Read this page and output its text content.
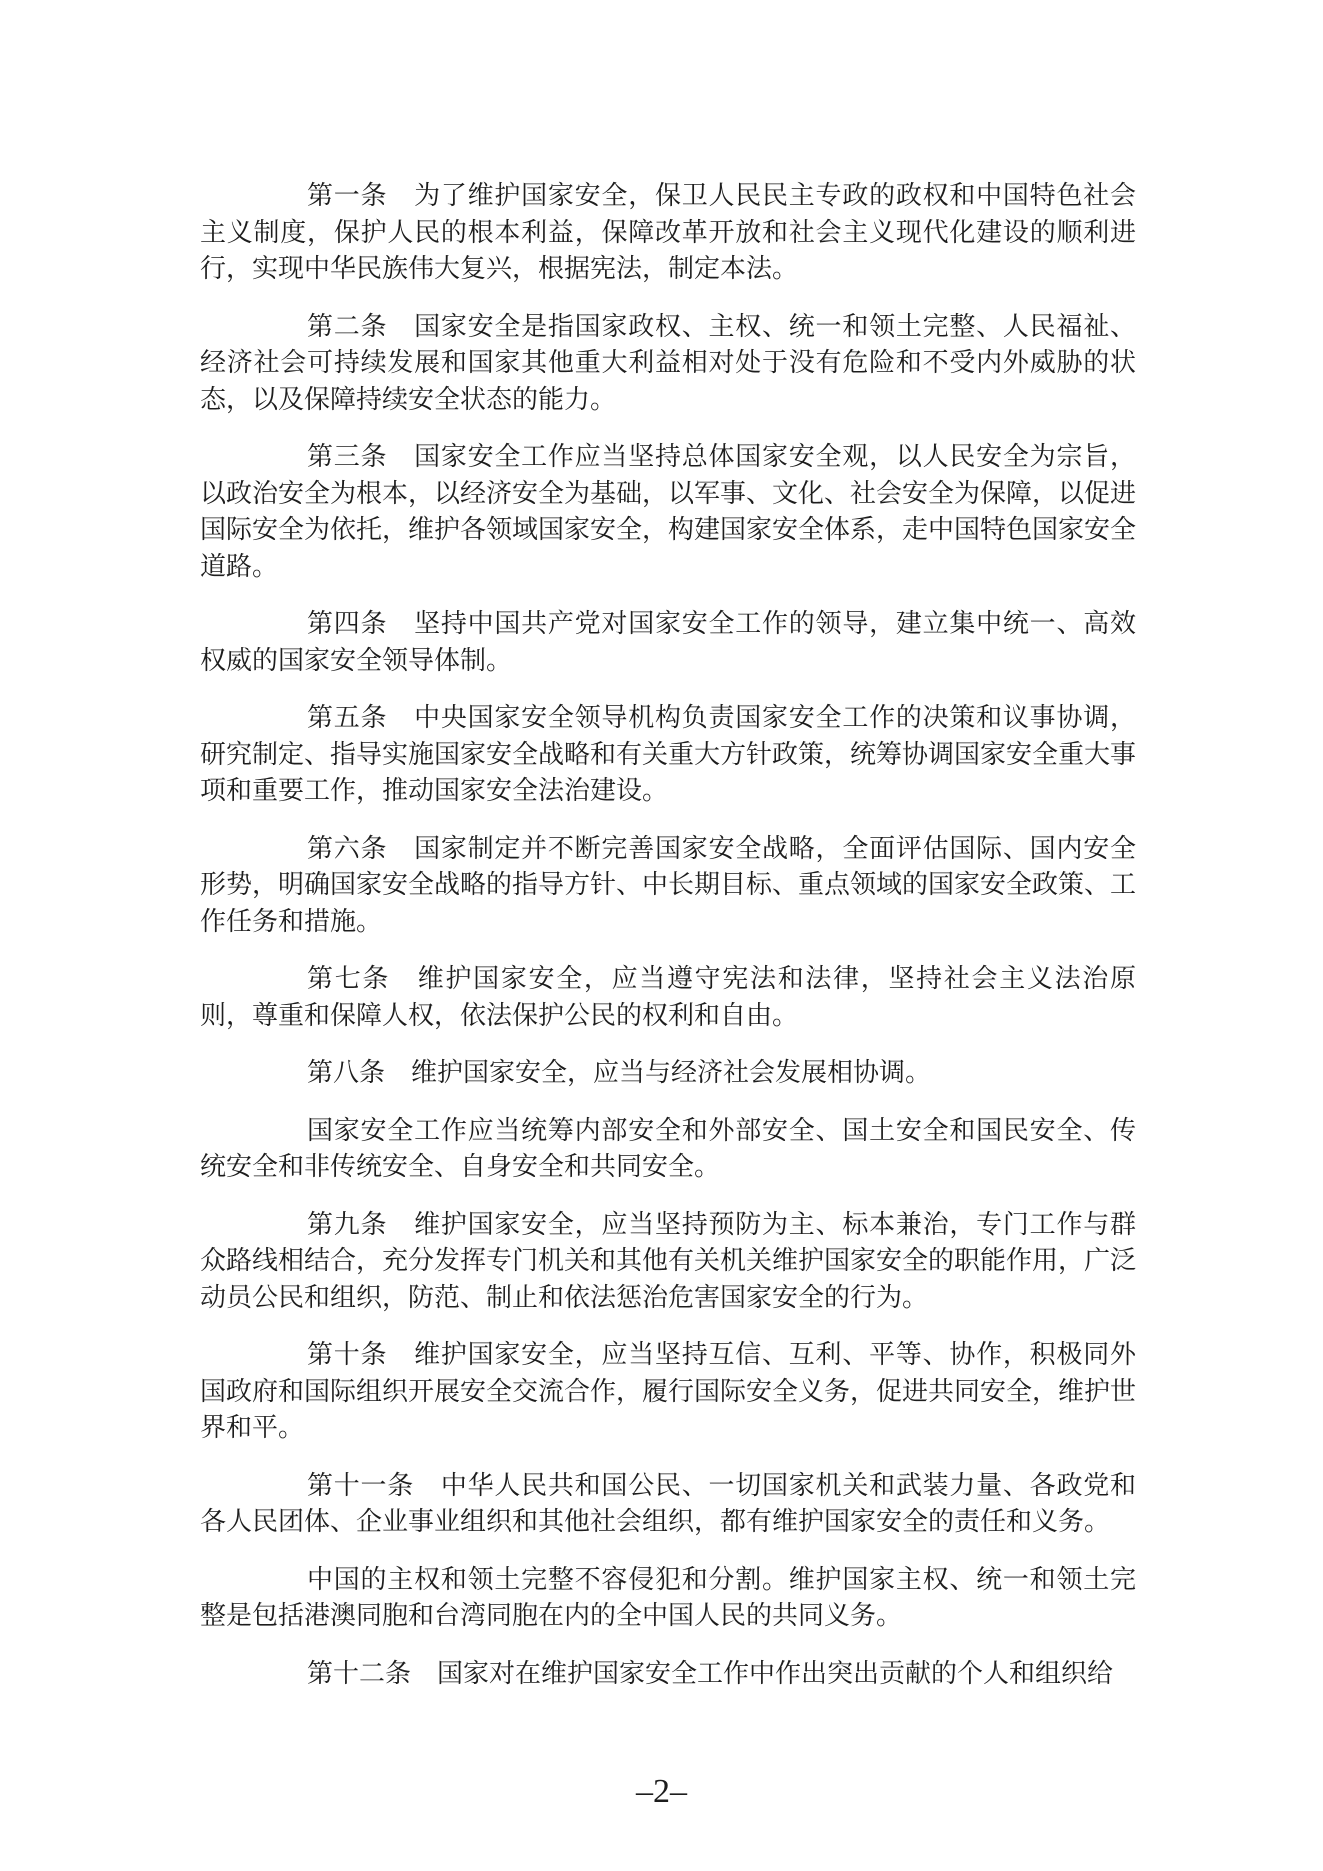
第一条　为了维护国家安全，保卫人民民主专政的政权和中国特色社会主义制度，保护人民的根本利益，保障改革开放和社会主义现代化建设的顺利进行，实现中华民族伟大复兴，根据宪法，制定本法。

第二条　国家安全是指国家政权、主权、统一和领土完整、人民福祉、经济社会可持续发展和国家其他重大利益相对处于没有危险和不受内外威胁的状态，以及保障持续安全状态的能力。

第三条　国家安全工作应当坚持总体国家安全观，以人民安全为宗旨，以政治安全为根本，以经济安全为基础，以军事、文化、社会安全为保障，以促进国际安全为依托，维护各领域国家安全，构建国家安全体系，走中国特色国家安全道路。

第四条　坚持中国共产党对国家安全工作的领导，建立集中统一、高效权威的国家安全领导体制。

第五条　中央国家安全领导机构负责国家安全工作的决策和议事协调，研究制定、指导实施国家安全战略和有关重大方针政策，统筹协调国家安全重大事项和重要工作，推动国家安全法治建设。

第六条　国家制定并不断完善国家安全战略，全面评估国际、国内安全形势，明确国家安全战略的指导方针、中长期目标、重点领域的国家安全政策、工作任务和措施。

第七条　维护国家安全，应当遵守宪法和法律，坚持社会主义法治原则，尊重和保障人权，依法保护公民的权利和自由。

第八条　维护国家安全，应当与经济社会发展相协调。

国家安全工作应当统筹内部安全和外部安全、国土安全和国民安全、传统安全和非传统安全、自身安全和共同安全。

第九条　维护国家安全，应当坚持预防为主、标本兼治，专门工作与群众路线相结合，充分发挥专门机关和其他有关机关维护国家安全的职能作用，广泛动员公民和组织，防范、制止和依法惩治危害国家安全的行为。

第十条　维护国家安全，应当坚持互信、互利、平等、协作，积极同外国政府和国际组织开展安全交流合作，履行国际安全义务，促进共同安全，维护世界和平。

第十一条　中华人民共和国公民、一切国家机关和武装力量、各政党和各人民团体、企业事业组织和其他社会组织，都有维护国家安全的责任和义务。

中国的主权和领土完整不容侵犯和分割。维护国家主权、统一和领土完整是包括港澳同胞和台湾同胞在内的全中国人民的共同义务。

第十二条　国家对在维护国家安全工作中作出突出贡献的个人和组织给

–2–
